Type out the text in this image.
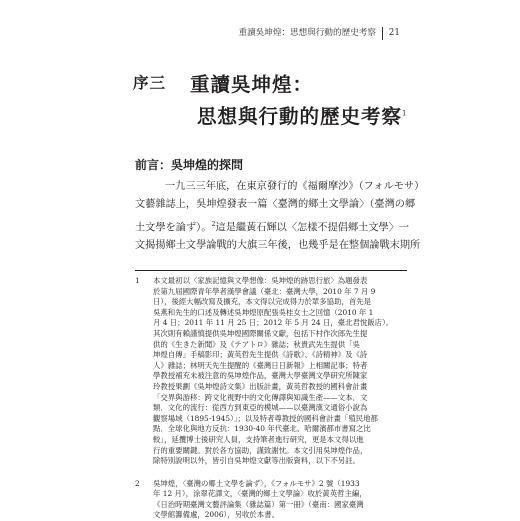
重讀吳坤煌：思想與行動的歷史考察 21
序三 重讀吳坤煌：
思想與行動的歷史考察$^1$
前言：吳坤煌的探問
一九三三年底，在東京發行的《福爾摩沙》（フォルモサ）
文藝雜誌上，吳坤煌發表一篇〈臺灣的鄉土文學論〉（臺灣の郷
土文學を論ず）。$^2$這是繼黃石輝以〈怎樣不提倡鄉土文學〉一
文揭揚鄉土文學論戰的大旗三年後，也幾乎是在整個論戰末期所
1 本文最初以〈家族記憶與文學想像：吳坤煌的跡思行旅〉為題發表
於第九屆國際青年學者漢學會議（臺北：臺灣大學，2010 年 7 月 9
日），後經大幅改寫及擴充，本文得以完成得力於眾多協助，首先是
吳燕和先生的口述及轉述吳坤煌原配張吳桂女士之回憶（2010 年 1
月 4 日；2011 年 11 月 25 日；2012 年 5 月 24 日，臺北君悅飯店）。
其次則有賴謹慎提供吳坤煌國際關係文獻，包括下村作次郎先生提
供的《生きた新聞》及《テアトロ》雜誌；秋貴武先生提供「吳
坤煌自傳」手稿影印；黃英哲先生提供《詩歌》、《詩精神》及《詩
人》雜誌；林明天先生提醒的《臺灣日日新報》上相關記事；特者
學教授補充未被注意的吳坤煌作品，臺灣大學臺灣文學研究所陳家
玲教授果劃《吳坤煌詩文集》出版計畫，黃英哲教授的國科會計畫
「交界與游移：跨文化視野中的文化傳譯與知識生產——文本．文
類．文化的流行：從西方到東亞的模城——以臺灣漢文通俗小說為
觀察場域（1895-1945）」；以及特者尊教授的國科會計畫「殖民地都
點．全球化與地方反抗：1930-40 年代臺北、哈爾濱都市書寫之比
較」，延攬博士後研究人員，支持筆者進行研究，更是本文得以進
行的重要關鍵。對於各方協助，謹致謝忱。本文引用吳坤煌作品，
除特別說明以外，皆引自吳坤煌文獻等出版資料，以下不另註。
2 吳坤煌，〈臺灣の郷土文學を論ず〉，《フォルモサ》2 號（1933
年 12 月），涂翠花譯文，〈臺灣的鄉土文學論〉收於黃英哲主編，
《日治時期臺灣文藝評論集（雜誌篇）第一冊》（臺南：國家臺灣
文學館籌備處，2006），另收於本書。
